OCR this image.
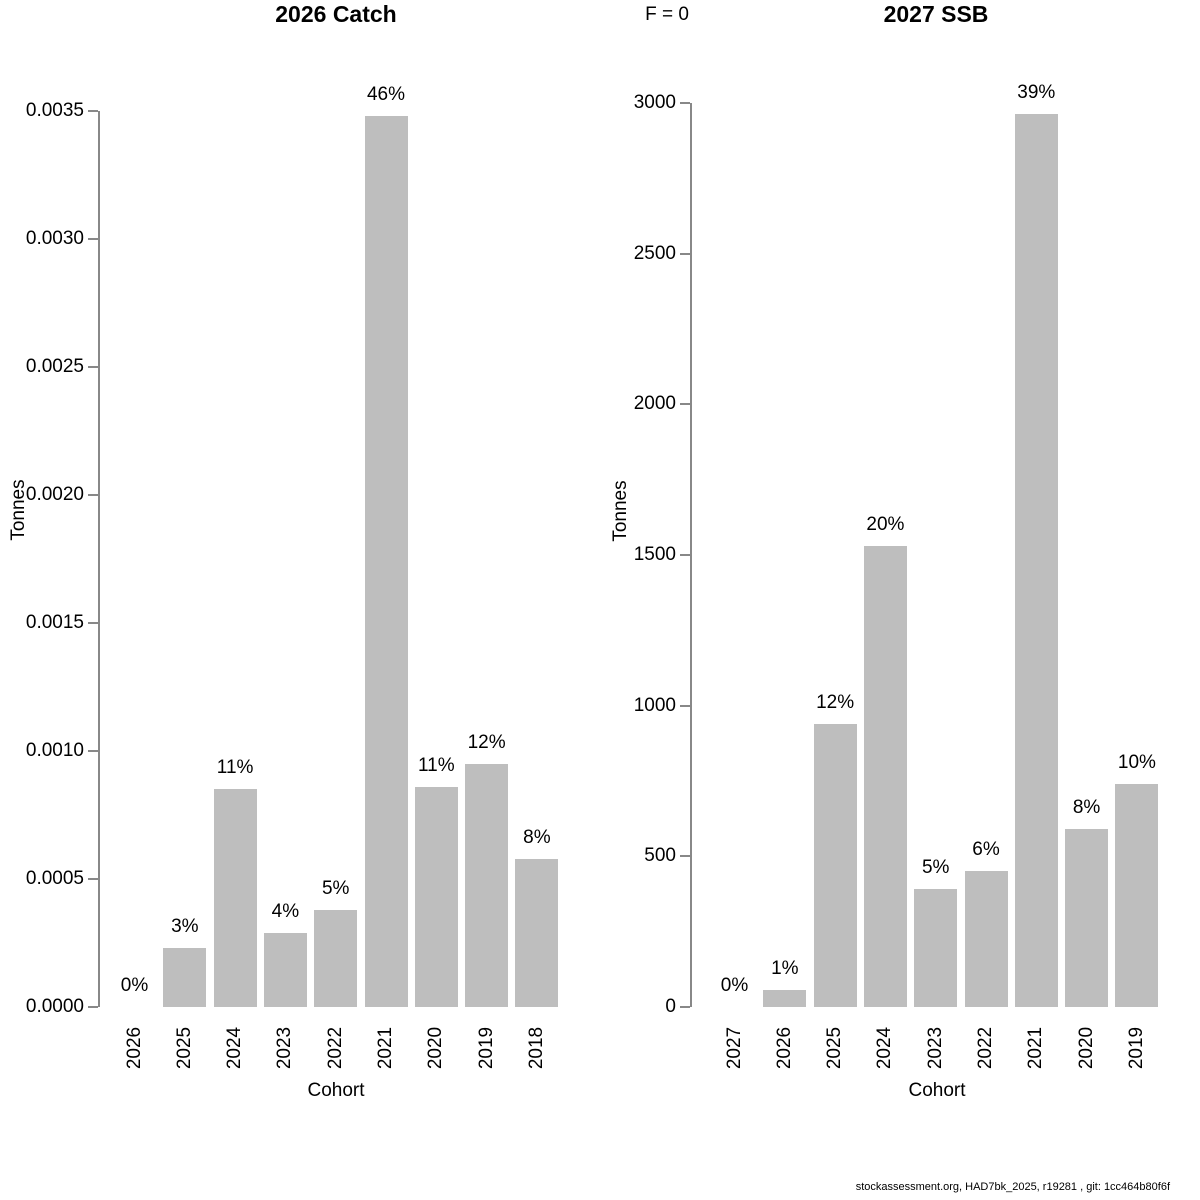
2026 Catch	F = 0	2027 SSB
Tonnes	Tonnes
0.0000
0.0005
0.0010
0.0015
0.0020
0.0025
0.0030
0.0035
0%
2026
3%
2025
11%
2024
4%
2023
5%
2022
46%
2021
11%
2020
12%
2019
8%
2018
0
500
1000
1500
2000
2500
3000
0%
2027
1%
2026
12%
2025
20%
2024
5%
2023
6%
2022
39%
2021
8%
2020
10%
2019
Cohort	Cohort
stockassessment.org, HAD7bk_2025, r19281 , git: 1cc464b80f6f
